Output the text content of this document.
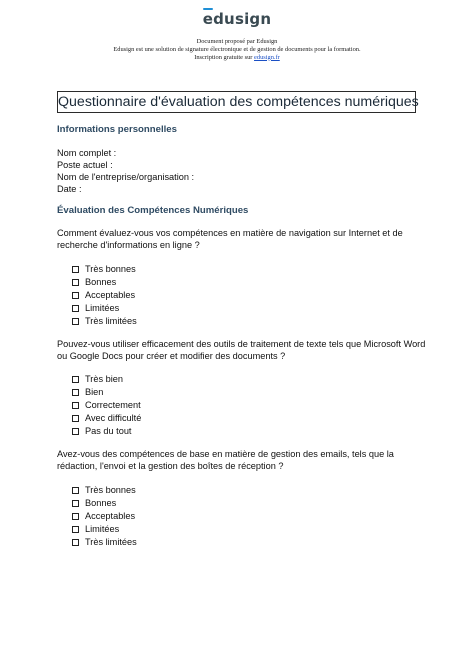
edusign
Document proposé par Edusign
Edusign est une solution de signature électronique et de gestion de documents pour la formation.
Inscription gratuite sur edusign.fr
Questionnaire d'évaluation des compétences numériques
Informations personnelles
Nom complet :
Poste actuel :
Nom de l'entreprise/organisation :
Date :
Évaluation des Compétences Numériques
Comment évaluez-vous vos compétences en matière de navigation sur Internet et de recherche d'informations en ligne ?
Très bonnes
Bonnes
Acceptables
Limitées
Très limitées
Pouvez-vous utiliser efficacement des outils de traitement de texte tels que Microsoft Word ou Google Docs pour créer et modifier des documents ?
Très bien
Bien
Correctement
Avec difficulté
Pas du tout
Avez-vous des compétences de base en matière de gestion des emails, tels que la rédaction, l'envoi et la gestion des boîtes de réception ?
Très bonnes
Bonnes
Acceptables
Limitées
Très limitées
